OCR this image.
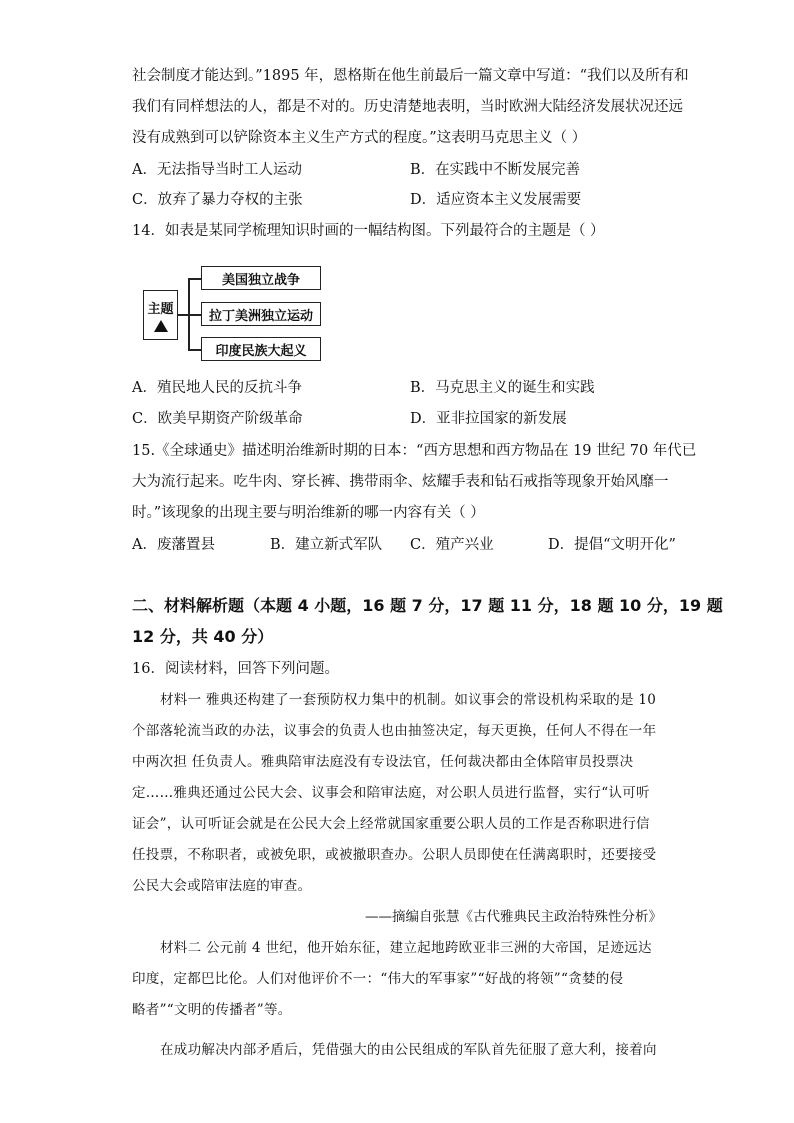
社会制度才能达到。”1895 年，恩格斯在他生前最后一篇文章中写道：“我们以及所有和
我们有同样想法的人，都是不对的。历史清楚地表明，当时欧洲大陆经济发展状况还远
没有成熟到可以铲除资本主义生产方式的程度。”这表明马克思主义（ ）
A．无法指导当时工人运动	B．在实践中不断发展完善
C．放弃了暴力夺权的主张	D．适应资本主义发展需要
14．如表是某同学梳理知识时画的一幅结构图。下列最符合的主题是（ ）
主题
美国独立战争
拉丁美洲独立运动
印度民族大起义
A．殖民地人民的反抗斗争	B．马克思主义的诞生和实践
C．欧美早期资产阶级革命	D．亚非拉国家的新发展
15.《全球通史》描述明治维新时期的日本：“西方思想和西方物品在 19 世纪 70 年代已
大为流行起来。吃牛肉、穿长裤、携带雨伞、炫耀手表和钻石戒指等现象开始风靡一
时。”该现象的出现主要与明治维新的哪一内容有关（ ）
A．废藩置县	B．建立新式军队 C．殖产兴业	D．提倡“文明开化”
二、材料解析题（本题 4 小题，16 题 7 分，17 题 11 分，18 题 10 分，19 题
12 分，共 40 分）
16．阅读材料，回答下列问题。
材料一 雅典还构建了一套预防权力集中的机制。如议事会的常设机构采取的是 10
个部落轮流当政的办法，议事会的负责人也由抽签决定，每天更换，任何人不得在一年
中两次担 任负责人。雅典陪审法庭没有专设法官，任何裁决都由全体陪审员投票决
定……雅典还通过公民大会、议事会和陪审法庭，对公职人员进行监督，实行“认可听
证会”，认可听证会就是在公民大会上经常就国家重要公职人员的工作是否称职进行信
任投票，不称职者，或被免职，或被撤职查办。公职人员即使在任满离职时，还要接受
公民大会或陪审法庭的审查。
——摘编自张慧《古代雅典民主政治特殊性分析》
材料二 公元前 4 世纪，他开始东征，建立起地跨欧亚非三洲的大帝国，足迹远达
印度，定都巴比伦。人们对他评价不一：“伟大的军事家”“好战的将领”“贪婪的侵
略者”“文明的传播者”等。
在成功解决内部矛盾后，凭借强大的由公民组成的军队首先征服了意大利，接着向
